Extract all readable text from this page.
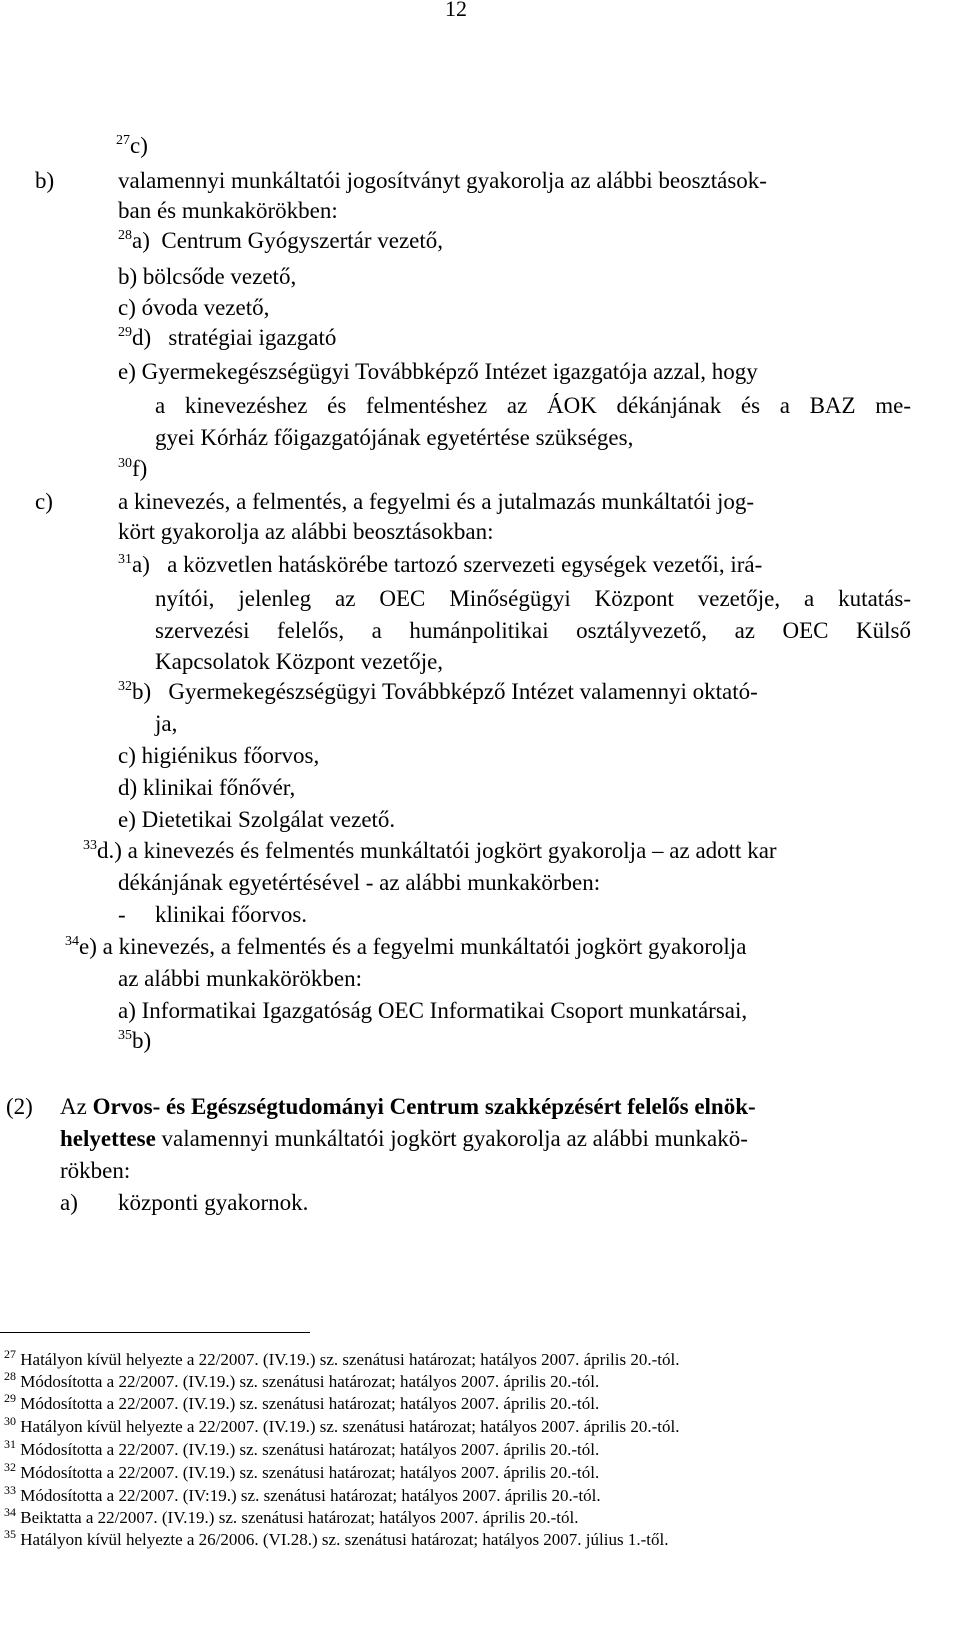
12
$^{27}$c)
b)	valamennyi munkáltatói jogosítványt gyakorolja az alábbi beosztások-
ban és munkakörökben:
$^{28}$a) Centrum Gyógyszertár vezető,
b) bölcsőde vezető,
c) óvoda vezető,
$^{29}$d) stratégiai igazgató
e) Gyermekegészségügyi Továbbképző Intézet igazgatója azzal, hogy
a kinevezéshez és felmentéshez az ÁOK dékánjának és a BAZ me-
gyei Kórház főigazgatójának egyetértése szükséges,
$^{30}$f)
c)	a kinevezés, a felmentés, a fegyelmi és a jutalmazás munkáltatói jog-
kört gyakorolja az alábbi beosztásokban:
$^{31}$a) a közvetlen hatáskörébe tartozó szervezeti egységek vezetői, irá-
nyítói, jelenleg az OEC Minőségügyi Központ vezetője, a kutatás-
szervezési felelős, a humánpolitikai osztályvezető, az OEC Külső
Kapcsolatok Központ vezetője,
$^{32}$b) Gyermekegészségügyi Továbbképző Intézet valamennyi oktató-
ja,
c) higiénikus főorvos,
d) klinikai főnővér,
e) Dietetikai Szolgálat vezető.
$^{33}$d.) a kinevezés és felmentés munkáltatói jogkört gyakorolja – az adott kar
dékánjának egyetértésével - az alábbi munkakörben:
- klinikai főorvos.
$^{34}$e) a kinevezés, a felmentés és a fegyelmi munkáltatói jogkört gyakorolja
az alábbi munkakörökben:
a) Informatikai Igazgatóság OEC Informatikai Csoport munkatársai,
$^{35}$b)
(2) Az Orvos- és Egészségtudományi Centrum szakképzésért felelős elnök-
helyettese valamennyi munkáltatói jogkört gyakorolja az alábbi munkakö-
rökben:
a) központi gyakornok.
$^{27}$ Hatályon kívül helyezte a 22/2007. (IV.19.) sz. szenátusi határozat; hatályos 2007. április 20.-tól.
$^{28}$ Módosította a 22/2007. (IV.19.) sz. szenátusi határozat; hatályos 2007. április 20.-tól.
$^{29}$ Módosította a 22/2007. (IV.19.) sz. szenátusi határozat; hatályos 2007. április 20.-tól.
$^{30}$ Hatályon kívül helyezte a 22/2007. (IV.19.) sz. szenátusi határozat; hatályos 2007. április 20.-tól.
$^{31}$ Módosította a 22/2007. (IV.19.) sz. szenátusi határozat; hatályos 2007. április 20.-tól.
$^{32}$ Módosította a 22/2007. (IV.19.) sz. szenátusi határozat; hatályos 2007. április 20.-tól.
$^{33}$ Módosította a 22/2007. (IV:19.) sz. szenátusi határozat; hatályos 2007. április 20.-tól.
$^{34}$ Beiktatta a 22/2007. (IV.19.) sz. szenátusi határozat; hatályos 2007. április 20.-tól.
$^{35}$ Hatályon kívül helyezte a 26/2006. (VI.28.) sz. szenátusi határozat; hatályos 2007. július 1.-től.
